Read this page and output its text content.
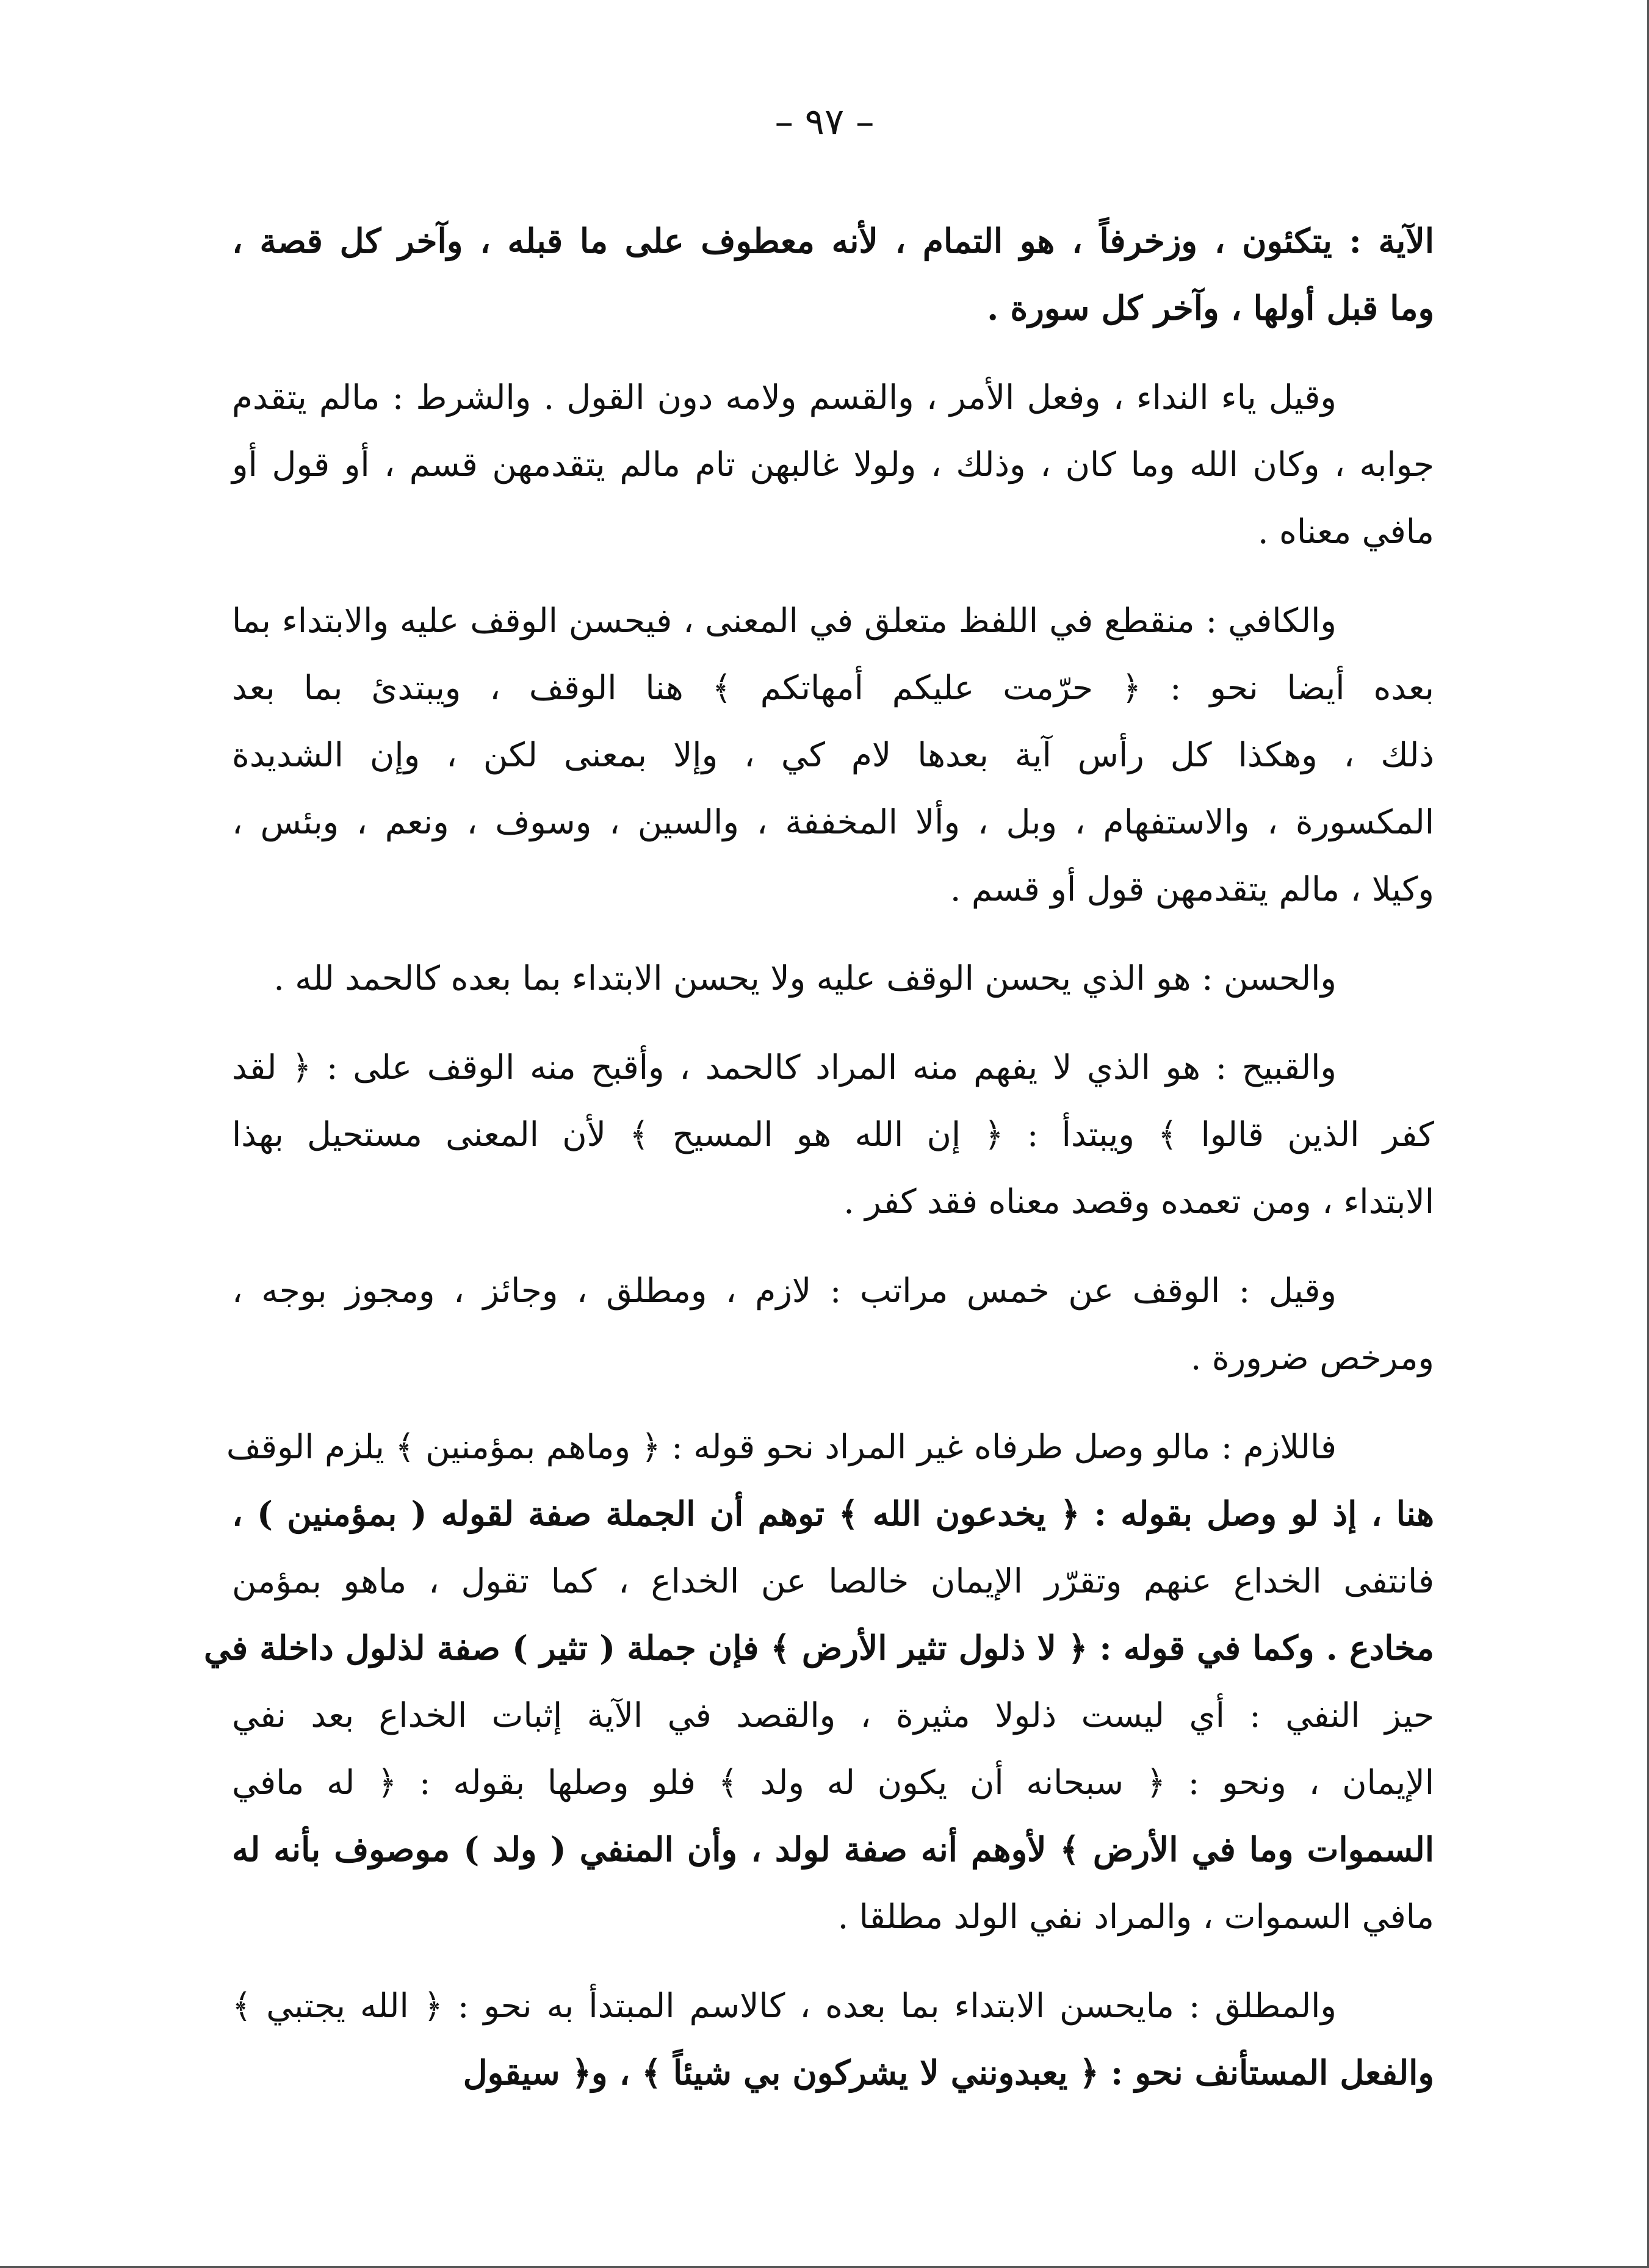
– ٩٧ –
الآية : يتكئون ، وزخرفاً ، هو التمام ، لأنه معطوف على ما قبله ، وآخر كل قصة ،
وما قبل أولها ، وآخر كل سورة .
وقيل ياء النداء ، وفعل الأمر ، والقسم ولامه دون القول . والشرط : مالم يتقدم
جوابه ، وكان الله وما كان ، وذلك ، ولولا غالبهن تام مالم يتقدمهن قسم ، أو قول أو
مافي معناه .
والكافي : منقطع في اللفظ متعلق في المعنى ، فيحسن الوقف عليه والابتداء بما
بعده أيضا نحو : ﴿ حرّمت عليكم أمهاتكم ﴾ هنا الوقف ، ويبتدئ بما بعد
ذلك ، وهكذا كل رأس آية بعدها لام كي ، وإلا بمعنى لكن ، وإن الشديدة
المكسورة ، والاستفهام ، وبل ، وألا المخففة ، والسين ، وسوف ، ونعم ، وبئس ،
وكيلا ، مالم يتقدمهن قول أو قسم .
والحسن : هو الذي يحسن الوقف عليه ولا يحسن الابتداء بما بعده كالحمد لله .
والقبيح : هو الذي لا يفهم منه المراد كالحمد ، وأقبح منه الوقف على : ﴿ لقد
كفر الذين قالوا ﴾ ويبتدأ : ﴿ إن الله هو المسيح ﴾ لأن المعنى مستحيل بهذا
الابتداء ، ومن تعمده وقصد معناه فقد كفر .
وقيل : الوقف عن خمس مراتب : لازم ، ومطلق ، وجائز ، ومجوز بوجه ،
ومرخص ضرورة .
فاللازم : مالو وصل طرفاه غير المراد نحو قوله : ﴿ وماهم بمؤمنين ﴾ يلزم الوقف
هنا ، إذ لو وصل بقوله : ﴿ يخدعون الله ﴾ توهم أن الجملة صفة لقوله ( بمؤمنين ) ،
فانتفى الخداع عنهم وتقرّر الإيمان خالصا عن الخداع ، كما تقول ، ماهو بمؤمن
مخادع . وكما في قوله : ﴿ لا ذلول تثير الأرض ﴾ فإن جملة ( تثير ) صفة لذلول داخلة في
حيز النفي : أي ليست ذلولا مثيرة ، والقصد في الآية إثبات الخداع بعد نفي
الإيمان ، ونحو : ﴿ سبحانه أن يكون له ولد ﴾ فلو وصلها بقوله : ﴿ له مافي
السموات وما في الأرض ﴾ لأوهم أنه صفة لولد ، وأن المنفي ( ولد ) موصوف بأنه له
مافي السموات ، والمراد نفي الولد مطلقا .
والمطلق : مايحسن الابتداء بما بعده ، كالاسم المبتدأ به نحو : ﴿ الله يجتبي ﴾
والفعل المستأنف نحو : ﴿ يعبدونني لا يشركون بي شيئاً ﴾ ، و﴿ سيقول
